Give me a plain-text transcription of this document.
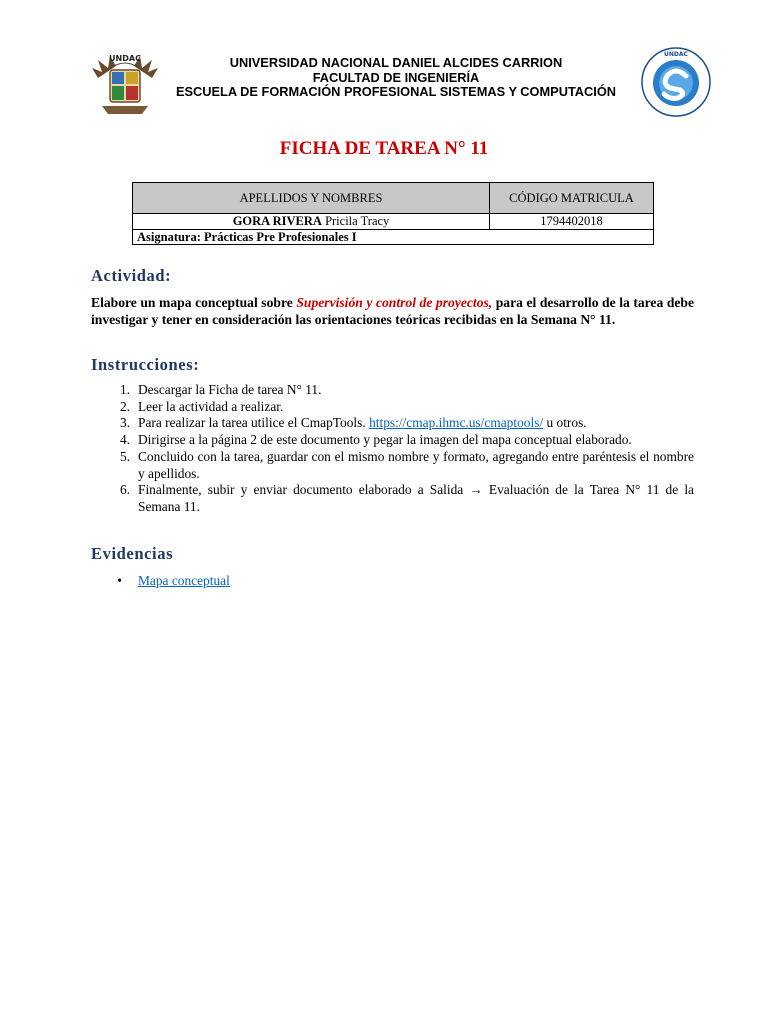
UNDAC	UNIVERSIDAD NACIONAL DANIEL ALCIDES CARRION
FACULTAD DE INGENIERÍA
ESCUELA DE FORMACIÓN PROFESIONAL SISTEMAS Y COMPUTACIÓN
UNDAC
FICHA DE TAREA N° 11
APELLIDOS Y NOMBRES	CÓDIGO MATRICULA
GORA RIVERA Pricila Tracy	1794402018
Asignatura: Prácticas Pre Profesionales I	
Actividad:
Elabore un mapa conceptual sobre Supervisión y control de proyectos, para el desarrollo de la tarea debe investigar y tener en consideración las orientaciones teóricas recibidas en la Semana N° 11.
Instrucciones:
1. Descargar la Ficha de tarea N° 11.
2. Leer la actividad a realizar.
3. Para realizar la tarea utilice el CmapTools. https://cmap.ihmc.us/cmaptools/ u otros.
4. Dirigirse a la página 2 de este documento y pegar la imagen del mapa conceptual elaborado.
5. Concluido con la tarea, guardar con el mismo nombre y formato, agregando entre paréntesis el nombre y apellidos.
6. Finalmente, subir y enviar documento elaborado a Salida → Evaluación de la Tarea N° 11 de la Semana 11.
Evidencias
•	Mapa conceptual
